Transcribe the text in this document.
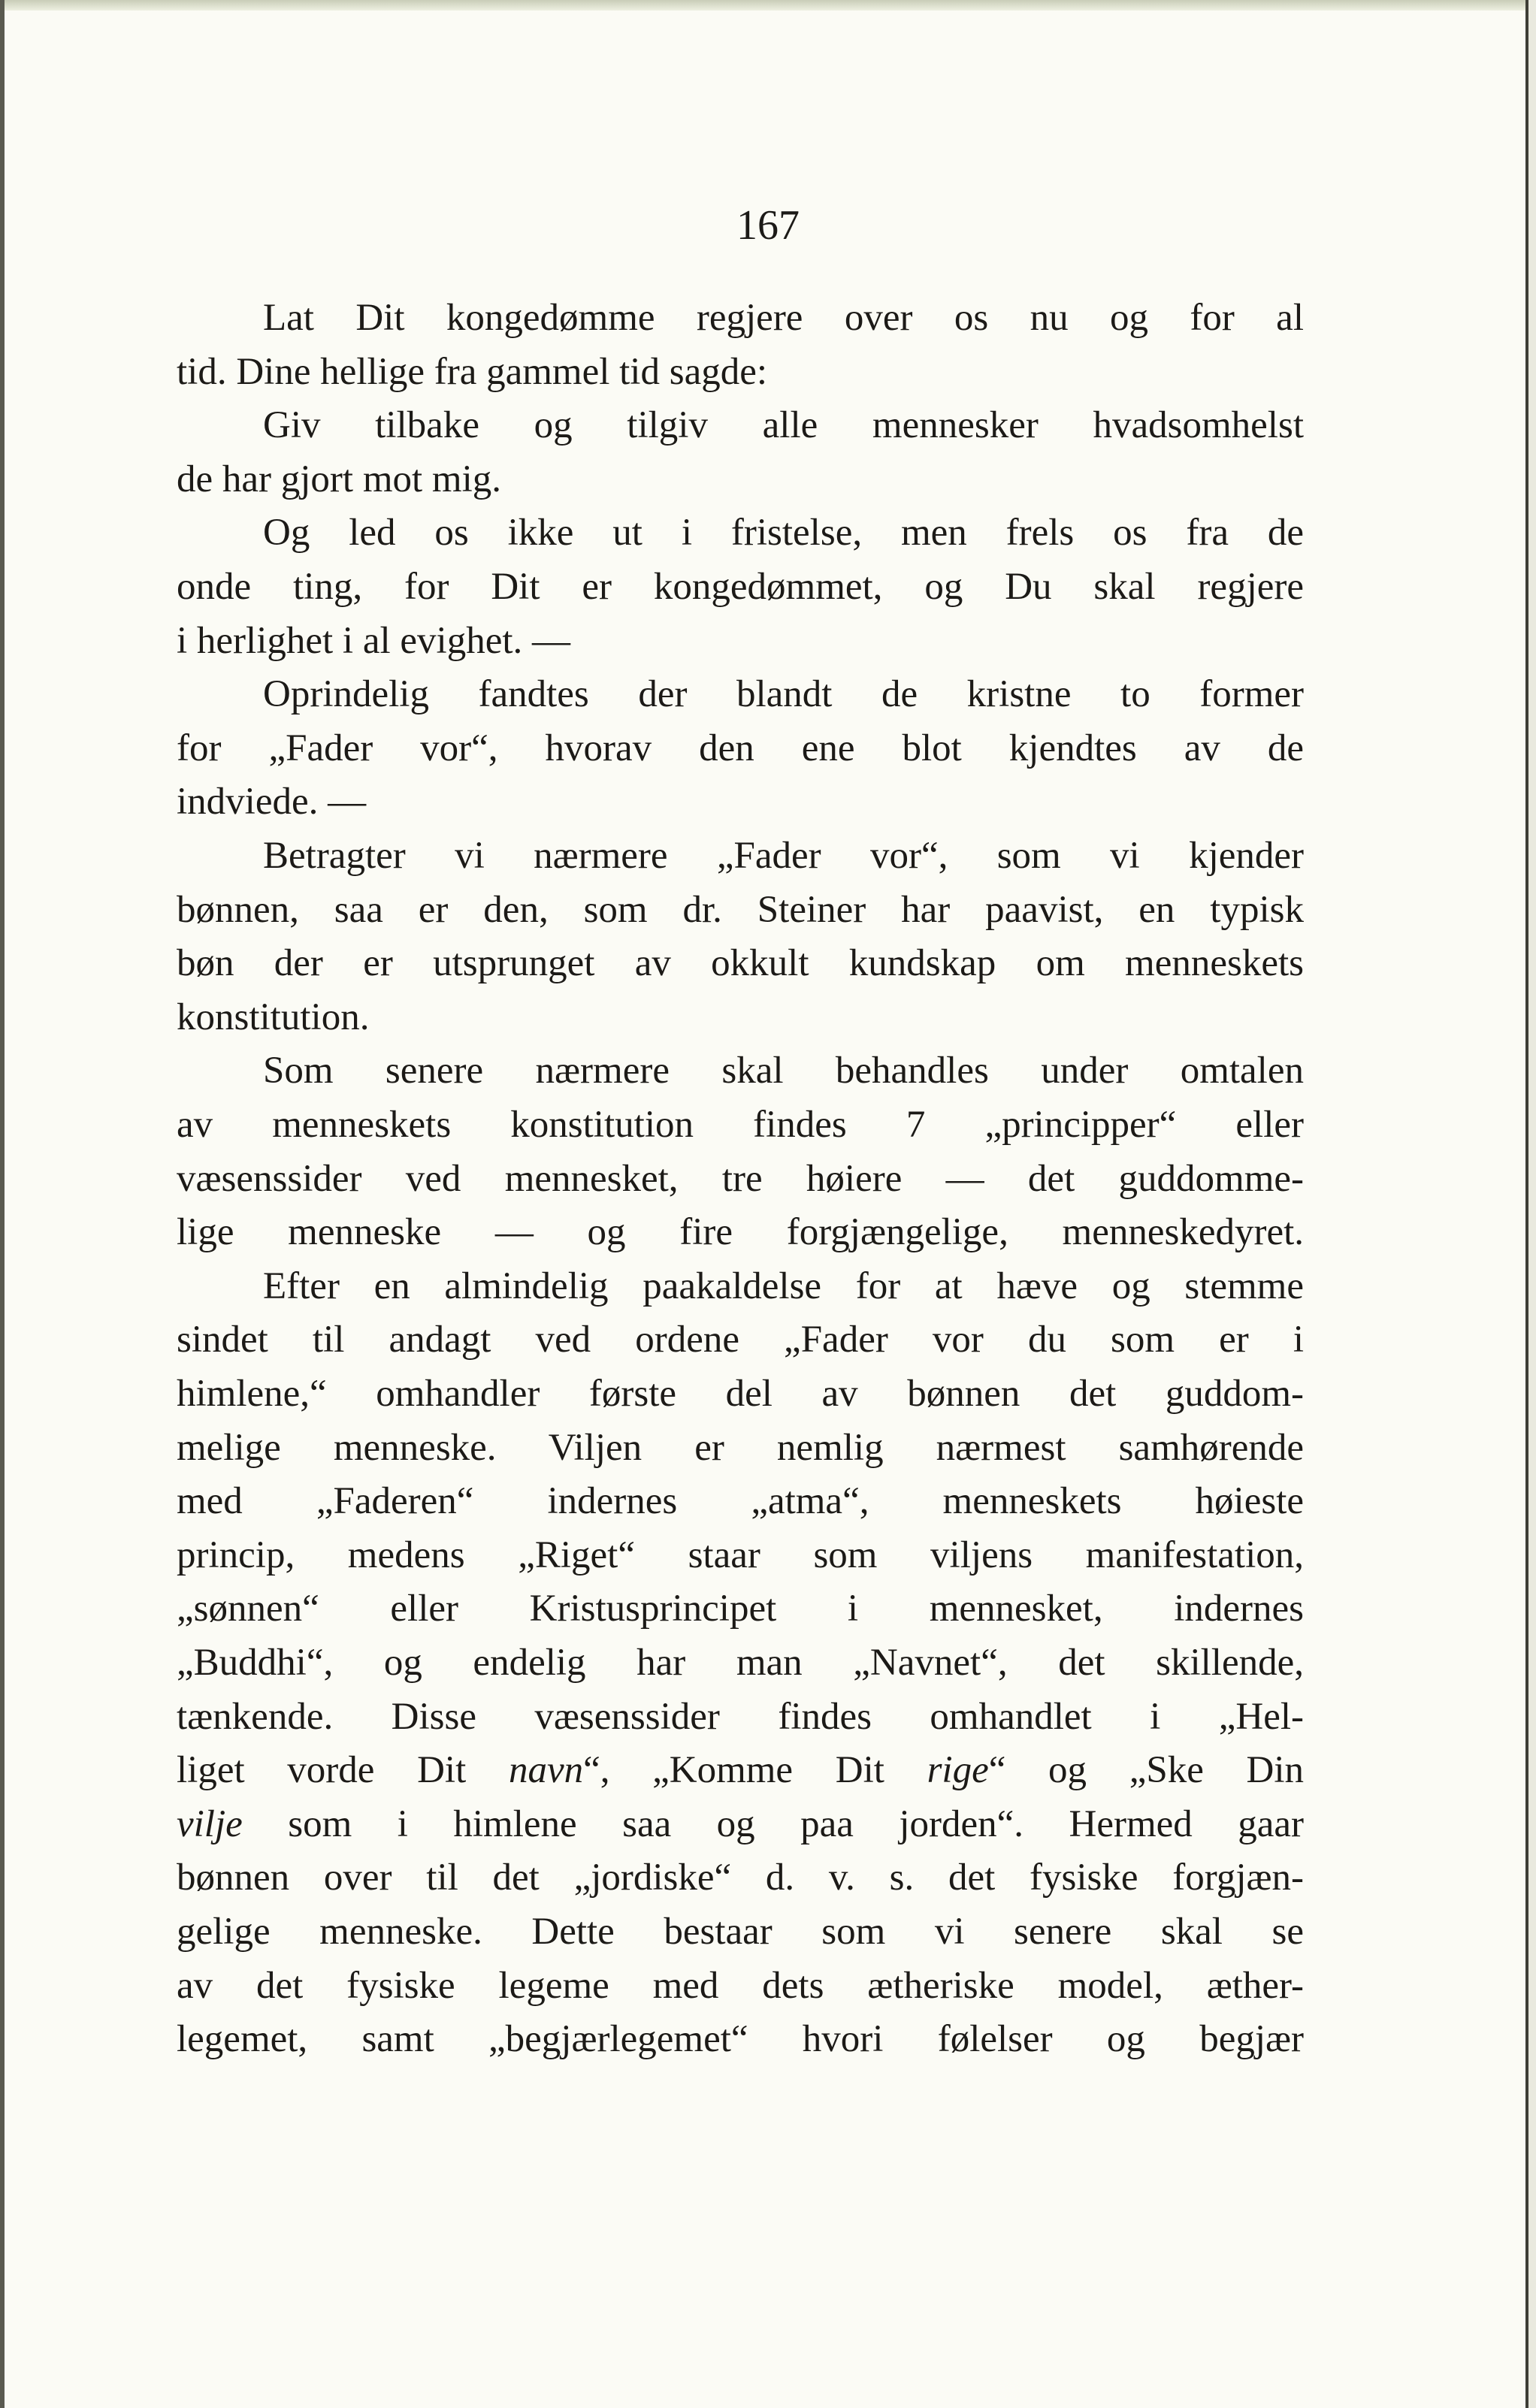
167
Lat Dit kongedømme regjere over os nu og for al
tid. Dine hellige fra gammel tid sagde:
Giv tilbake og tilgiv alle mennesker hvadsomhelst
de har gjort mot mig.
Og led os ikke ut i fristelse, men frels os fra de
onde ting, for Dit er kongedømmet, og Du skal regjere
i herlighet i al evighet. —
Oprindelig fandtes der blandt de kristne to former
for „Fader vor“, hvorav den ene blot kjendtes av de
indviede. —
Betragter vi nærmere „Fader vor“, som vi kjender
bønnen, saa er den, som dr. Steiner har paavist, en typisk
bøn der er utsprunget av okkult kundskap om menneskets
konstitution.
Som senere nærmere skal behandles under omtalen
av menneskets konstitution findes 7 „principper“ eller
væsenssider ved mennesket, tre høiere — det guddomme-
lige menneske — og fire forgjængelige, menneskedyret.
Efter en almindelig paakaldelse for at hæve og stemme
sindet til andagt ved ordene „Fader vor du som er i
himlene,“ omhandler første del av bønnen det guddom-
melige menneske. Viljen er nemlig nærmest samhørende
med „Faderen“ indernes „atma“, menneskets høieste
princip, medens „Riget“ staar som viljens manifestation,
„sønnen“ eller Kristusprincipet i mennesket, indernes
„Buddhi“, og endelig har man „Navnet“, det skillende,
tænkende. Disse væsenssider findes omhandlet i „Hel-
liget vorde Dit navn“, „Komme Dit rige“ og „Ske Din
vilje som i himlene saa og paa jorden“. Hermed gaar
bønnen over til det „jordiske“ d. v. s. det fysiske forgjæn-
gelige menneske. Dette bestaar som vi senere skal se
av det fysiske legeme med dets ætheriske model, æther-
legemet, samt „begjærlegemet“ hvori følelser og begjær
